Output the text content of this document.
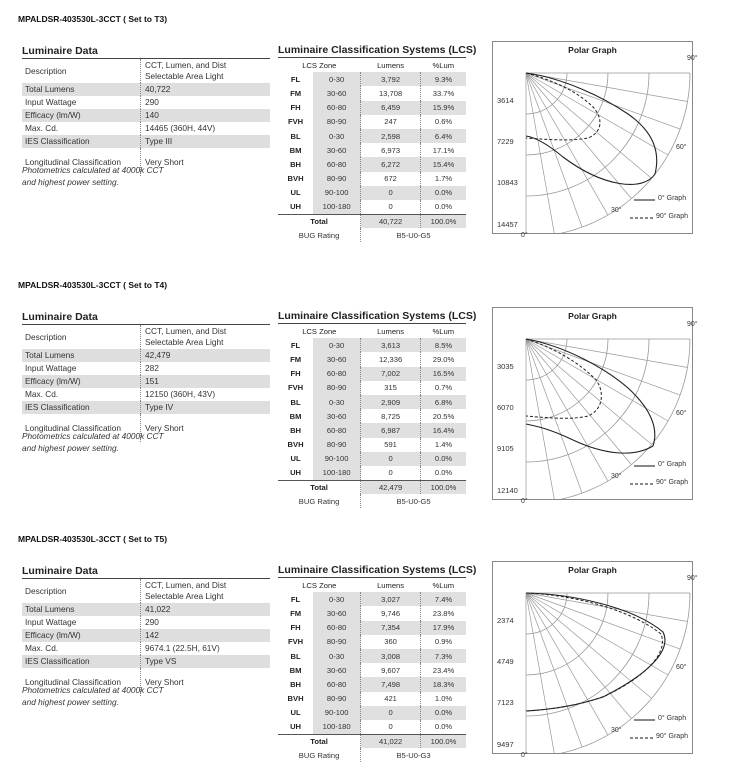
MPALDSR-403530L-3CCT ( Set to T3)
Luminaire Data
Description
CCT, Lumen, and Dist
Selectable Area Light
Total Lumens	40,722
Input Wattage	290
Efficacy (lm/W)	140
Max. Cd.	14465 (360H, 44V)
IES Classification	Type III
Longitudinal Classification	Very Short
Photometrics calculated at 4000k CCT
and highest power setting.
Luminaire Classification Systems (LCS)
LCS Zone		Lumens	%Lum
FL	0-30	3,792	9.3%
FM	30-60	13,708	33.7%
FH	60-80	6,459	15.9%
FVH	80-90	247	0.6%
BL	0-30	2,598	6.4%
BM	30-60	6,973	17.1%
BH	60-80	6,272	15.4%
BVH	80-90	672	1.7%
UL	90-100	0	0.0%
UH	100-180	0	0.0%
Total		40,722	100.0%
BUG Rating		B5-U0-G5	
Polar Graph
3614
7229
10843
14457
90°
60°
30°
0°
0° Graph
90° Graph
MPALDSR-403530L-3CCT ( Set to T4)
Luminaire Data
Description
CCT, Lumen, and Dist
Selectable Area Light
Total Lumens	42,479
Input Wattage	282
Efficacy (lm/W)	151
Max. Cd.	12150 (360H, 43V)
IES Classification	Type IV
Longitudinal Classification	Very Short
Photometrics calculated at 4000k CCT
and highest power setting.
Luminaire Classification Systems (LCS)
LCS Zone		Lumens	%Lum
FL	0-30	3,613	8.5%
FM	30-60	12,336	29.0%
FH	60-80	7,002	16.5%
FVH	80-90	315	0.7%
BL	0-30	2,909	6.8%
BM	30-60	8,725	20.5%
BH	60-80	6,987	16.4%
BVH	80-90	591	1.4%
UL	90-100	0	0.0%
UH	100-180	0	0.0%
Total		42,479	100.0%
BUG Rating		B5-U0-G5	
Polar Graph
3035
6070
9105
12140
90°
60°
30°
0°
0° Graph
90° Graph
MPALDSR-403530L-3CCT ( Set to T5)
Luminaire Data
Description
CCT, Lumen, and Dist
Selectable Area Light
Total Lumens	41,022
Input Wattage	290
Efficacy (lm/W)	142
Max. Cd.	9674.1 (22.5H, 61V)
IES Classification	Type VS
Longitudinal Classification	Very Short
Photometrics calculated at 4000k CCT
and highest power setting.
Luminaire Classification Systems (LCS)
LCS Zone		Lumens	%Lum
FL	0-30	3,027	7.4%
FM	30-60	9,746	23.8%
FH	60-80	7,354	17.9%
FVH	80-90	360	0.9%
BL	0-30	3,008	7.3%
BM	30-60	9,607	23.4%
BH	60-80	7,498	18.3%
BVH	80-90	421	1.0%
UL	90-100	0	0.0%
UH	100-180	0	0.0%
Total		41,022	100.0%
BUG Rating		B5-U0-G3	
Polar Graph
2374
4749
7123
9497
90°
60°
30°
0°
0° Graph
90° Graph
